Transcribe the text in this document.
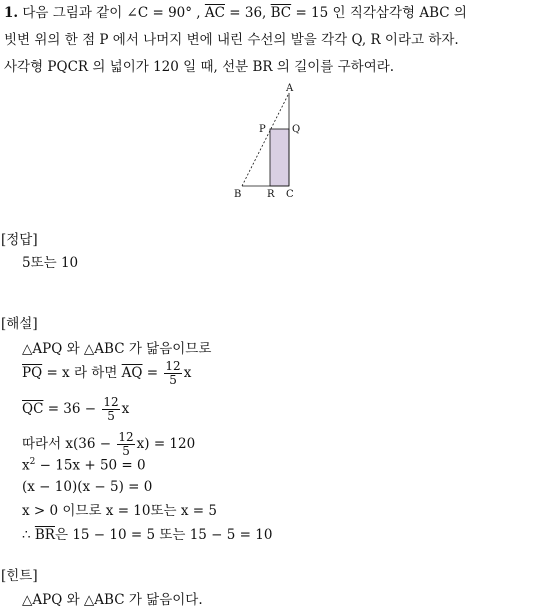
1. 다음 그림과 같이 ∠C = 90° , $\overline{AC} = 36$, $\overline{BC} = 15$ 인 직각삼각형 ABC 의
빗변 위의 한 점 P 에서 나머지 변에 내린 수선의 발을 각각 Q, R 이라고 하자.
사각형 PQCR 의 넓이가 120 일 때, 선분 BR 의 길이를 구하여라.
A
P	Q
B	R C
[정답]
5또는 10
[해설]
△APQ 와 △ABC 가 닮음이므로
$\overline{PQ} = x$ 라 하면 $\overline{AQ} = \frac{12}{5}$ x
$\overline{QC} = 36 - \frac{12}{5}$ x
따라서 $x(36 - \frac{12}{5} x) = 120$
$x^2 - 15x + 50 = 0$
(x − 10)(x − 5) = 0
x > 0 이므로 x = 10또는 x = 5
∴ $\overline{BR}$은 15 − 10 = 5 또는 15 − 5 = 10
[힌트]
△APQ 와 △ABC 가 닮음이다.
